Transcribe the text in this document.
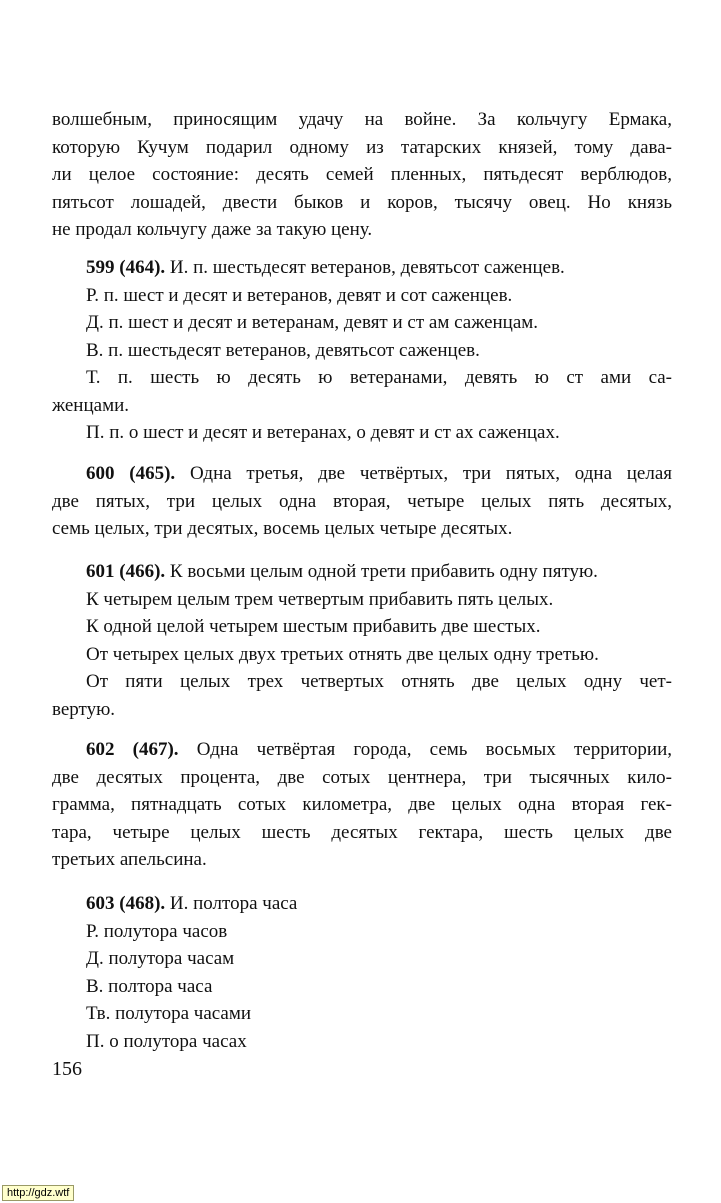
волшебным, приносящим удачу на войне. За кольчугу Ермака,
которую Кучум подарил одному из татарских князей, тому дава-
ли целое состояние: десять семей пленных, пятьдесят верблюдов,
пятьсот лошадей, двести быков и коров, тысячу овец. Но князь
не продал кольчугу даже за такую цену.
599 (464). И. п. шестьдесят ветеранов, девятьсот саженцев.
Р. п. шест и десят и ветеранов, девят и сот саженцев.
Д. п. шест и десят и ветеранам, девят и ст ам саженцам.
В. п. шестьдесят ветеранов, девятьсот саженцев.
Т. п. шесть ю десять ю ветеранами, девять ю ст ами са-
женцами.
П. п. о шест и десят и ветеранах, о девят и ст ах саженцах.
600 (465). Одна третья, две четвёртых, три пятых, одна целая
две пятых, три целых одна вторая, четыре целых пять десятых,
семь целых, три десятых, восемь целых четыре десятых.
601 (466). К восьми целым одной трети прибавить одну пятую.
К четырем целым трем четвертым прибавить пять целых.
К одной целой четырем шестым прибавить две шестых.
От четырех целых двух третьих отнять две целых одну третью.
От пяти целых трех четвертых отнять две целых одну чет-
вертую.
602 (467). Одна четвёртая города, семь восьмых территории,
две десятых процента, две сотых центнера, три тысячных кило-
грамма, пятнадцать сотых километра, две целых одна вторая гек-
тара, четыре целых шесть десятых гектара, шесть целых две
третьих апельсина.
603 (468). И. полтора часа
Р. полутора часов
Д. полутора часам
В. полтора часа
Тв. полутора часами
П. о полутора часах
156
http://gdz.wtf
